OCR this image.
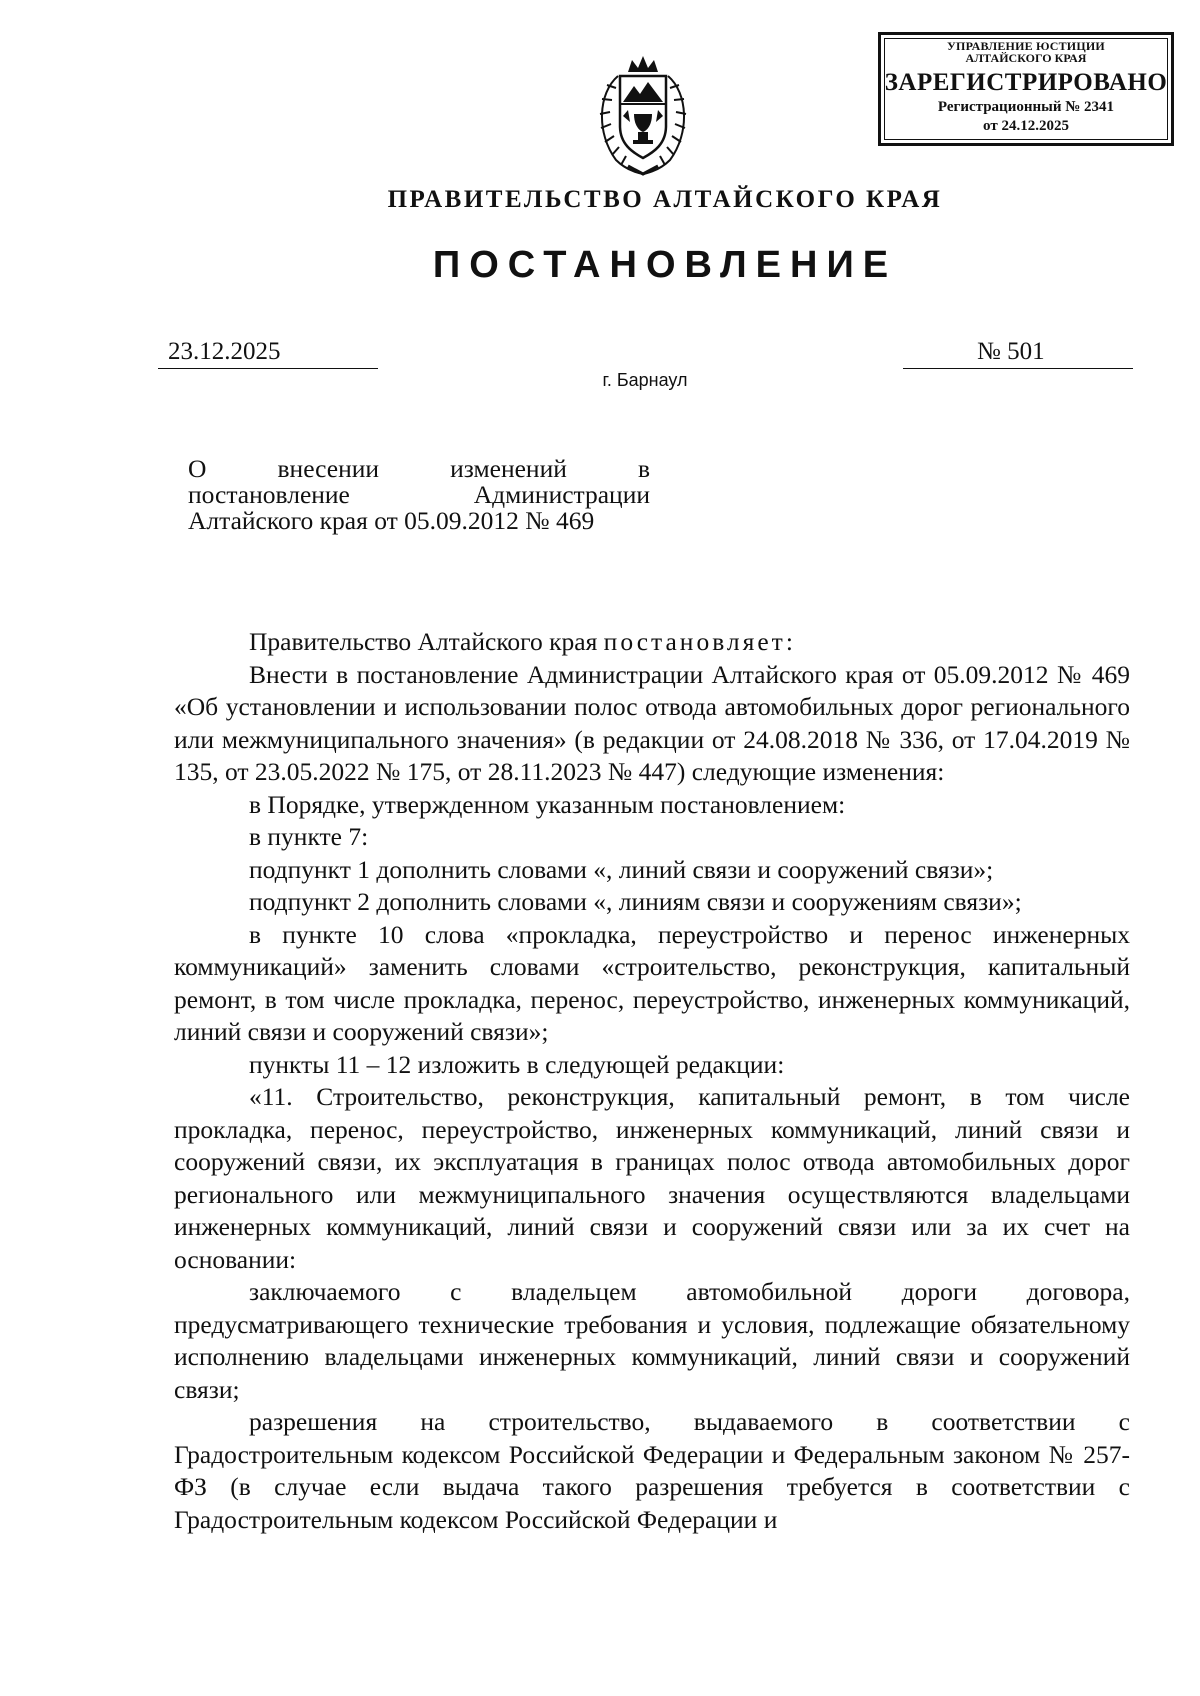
УПРАВЛЕНИЕ ЮСТИЦИИ
АЛТАЙСКОГО КРАЯ
ЗАРЕГИСТРИРОВАНО
Регистрационный № 2341
от 24.12.2025
ПРАВИТЕЛЬСТВО АЛТАЙСКОГО КРАЯ
ПОСТАНОВЛЕНИЕ
23.12.2025	№ 501
г. Барнаул
О	внесении	изменений	в
постановление	Администрации
Алтайского края от 05.09.2012 № 469

Правительство Алтайского края постановляет:

Внести в постановление Администрации Алтайского края от 05.09.2012 № 469 «Об установлении и использовании полос отвода автомобильных дорог регионального или межмуниципального значения» (в редакции от 24.08.2018 № 336, от 17.04.2019 № 135, от 23.05.2022 № 175, от 28.11.2023 № 447) следующие изменения:

в Порядке, утвержденном указанным постановлением:

в пункте 7:

подпункт 1 дополнить словами «, линий связи и сооружений связи»;

подпункт 2 дополнить словами «, линиям связи и сооружениям связи»;

в пункте 10 слова «прокладка, переустройство и перенос инженерных коммуникаций» заменить словами «строительство, реконструкция, капитальный ремонт, в том числе прокладка, перенос, переустройство, инженерных коммуникаций, линий связи и сооружений связи»;

пункты 11 – 12 изложить в следующей редакции:

«11. Строительство, реконструкция, капитальный ремонт, в том числе прокладка, перенос, переустройство, инженерных коммуникаций, линий связи и сооружений связи, их эксплуатация в границах полос отвода автомобильных дорог регионального или межмуниципального значения осуществляются владельцами инженерных коммуникаций, линий связи и сооружений связи или за их счет на основании:

заключаемого с владельцем автомобильной дороги договора, предусматривающего технические требования и условия, подлежащие обязательному исполнению владельцами инженерных коммуникаций, линий связи и сооружений связи;

разрешения на строительство, выдаваемого в соответствии с Градостроительным кодексом Российской Федерации и Федеральным законом № 257-ФЗ (в случае если выдача такого разрешения требуется в соответствии с Градостроительным кодексом Российской Федерации и
